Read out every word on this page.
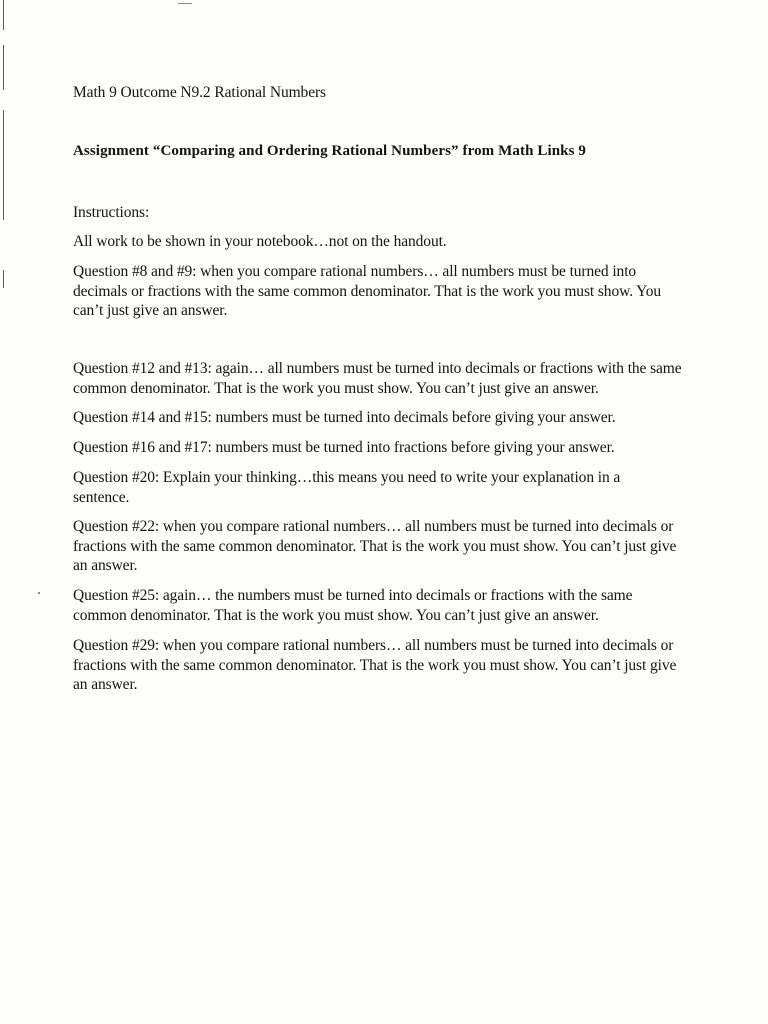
Math 9 Outcome N9.2 Rational Numbers
Assignment “Comparing and Ordering Rational Numbers” from Math Links 9
Instructions:
All work to be shown in your notebook…not on the handout.
Question #8 and #9: when you compare rational numbers… all numbers must be turned into decimals or fractions with the same common denominator. That is the work you must show. You can’t just give an answer.
Question #12 and #13: again… all numbers must be turned into decimals or fractions with the same common denominator. That is the work you must show. You can’t just give an answer.
Question #14 and #15: numbers must be turned into decimals before giving your answer.
Question #16 and #17: numbers must be turned into fractions before giving your answer.
Question #20: Explain your thinking…this means you need to write your explanation in a sentence.
Question #22: when you compare rational numbers… all numbers must be turned into decimals or fractions with the same common denominator. That is the work you must show. You can’t just give an answer.
Question #25: again… the numbers must be turned into decimals or fractions with the same common denominator. That is the work you must show. You can’t just give an answer.
Question #29: when you compare rational numbers… all numbers must be turned into decimals or fractions with the same common denominator. That is the work you must show. You can’t just give an answer.
